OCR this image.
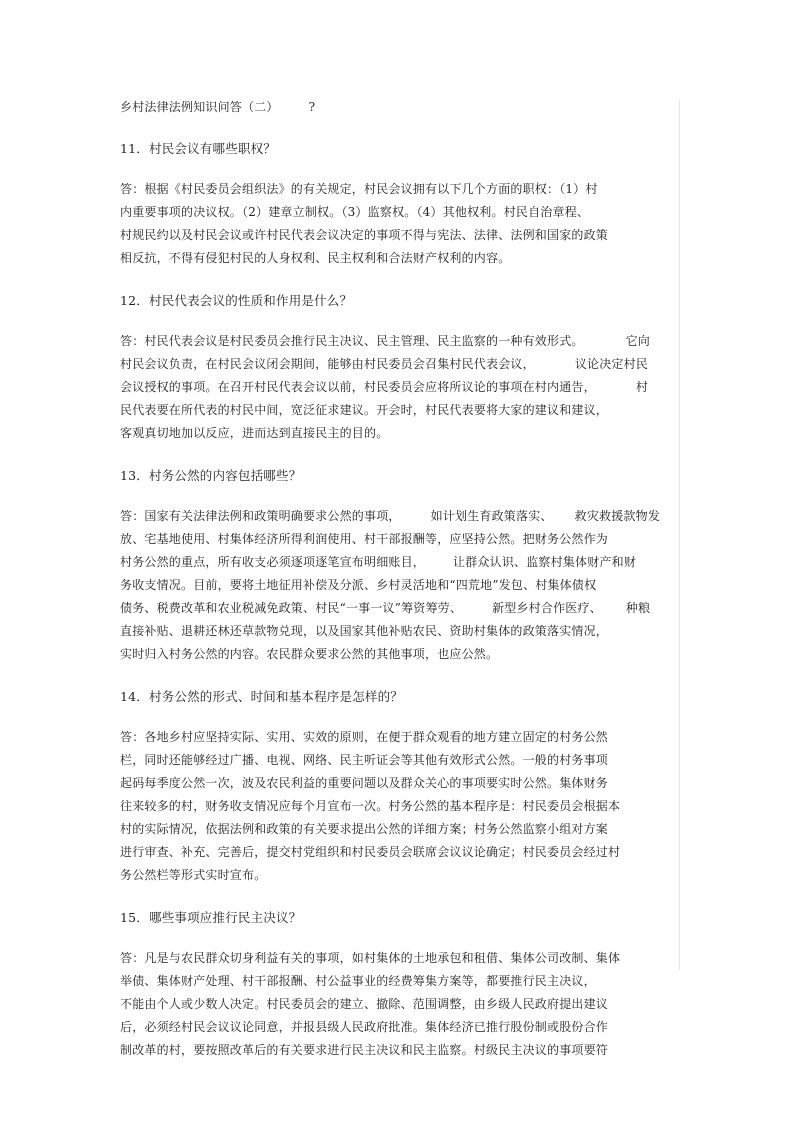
乡村法律法例知识问答（二）	?
11．村民会议有哪些职权？
答：根据《村民委员会组织法》的有关规定，村民会议拥有以下几个方面的职权：（1）村
内重要事项的决议权。（2）建章立制权。（3）监察权。（4）其他权利。村民自治章程、
村规民约以及村民会议或许村民代表会议决定的事项不得与宪法、法律、法例和国家的政策
相反抗，不得有侵犯村民的人身权利、民主权利和合法财产权利的内容。
12．村民代表会议的性质和作用是什么？
答：村民代表会议是村民委员会推行民主决议、民主管理、民主监察的一种有效形式。	它向
村民会议负责，在村民会议闭会期间，能够由村民委员会召集村民代表会议，	议论决定村民
会议授权的事项。在召开村民代表会议以前，村民委员会应将所议论的事项在村内通告，	村
民代表要在所代表的村民中间，宽泛征求建议。开会时，村民代表要将大家的建议和建议，
客观真切地加以反应，进而达到直接民主的目的。
13．村务公然的内容包括哪些？
答：国家有关法律法例和政策明确要求公然的事项，	如计划生育政策落实、 救灾救援款物发
放、宅基地使用、村集体经济所得利润使用、村干部报酬等，应坚持公然。把财务公然作为
村务公然的重点，所有收支必须逐项逐笔宣布明细账目， 让群众认识、监察村集体财产和财
务收支情况。目前，要将土地征用补偿及分派、乡村灵活地和“四荒地”发包、村集体债权
债务、税费改革和农业税减免政策、村民“一事一议”筹资筹劳、	新型乡村合作医疗、 种粮
直接补贴、退耕还林还草款物兑现，以及国家其他补贴农民、资助村集体的政策落实情况，
实时归入村务公然的内容。农民群众要求公然的其他事项，也应公然。
14．村务公然的形式、时间和基本程序是怎样的？
答：各地乡村应坚持实际、实用、实效的原则，在便于群众观看的地方建立固定的村务公然
栏，同时还能够经过广播、电视、网络、民主听证会等其他有效形式公然。一般的村务事项
起码每季度公然一次，波及农民利益的重要问题以及群众关心的事项要实时公然。集体财务
往来较多的村，财务收支情况应每个月宣布一次。村务公然的基本程序是：村民委员会根据本
村的实际情况，依据法例和政策的有关要求提出公然的详细方案；村务公然监察小组对方案
进行审查、补充、完善后，提交村党组织和村民委员会联席会议议论确定；村民委员会经过村
务公然栏等形式实时宣布。
15．哪些事项应推行民主决议？
答：凡是与农民群众切身利益有关的事项，如村集体的土地承包和租借、集体公司改制、集体
举债、集体财产处理、村干部报酬、村公益事业的经费筹集方案等，都要推行民主决议，
不能由个人或少数人决定。村民委员会的建立、撤除、范围调整，由乡级人民政府提出建议
后，必须经村民会议议论同意，并报县级人民政府批准。集体经济已推行股份制或股份合作
制改革的村，要按照改革后的有关要求进行民主决议和民主监察。村级民主决议的事项要符
